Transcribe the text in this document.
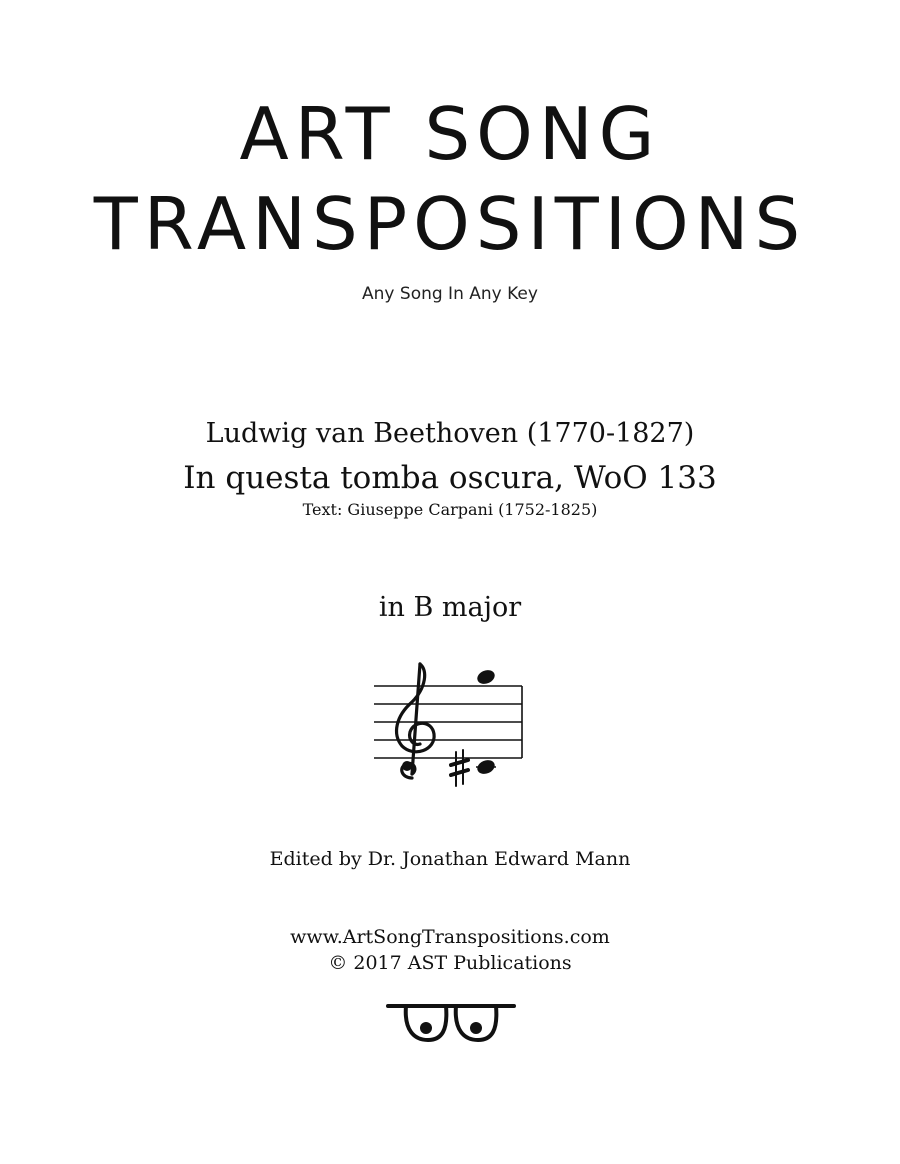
ART SONG
TRANSPOSITIONS
Any Song In Any Key
Ludwig van Beethoven (1770-1827)
In questa tomba oscura, WoO 133
Text: Giuseppe Carpani (1752-1825)
in B major
Edited by Dr. Jonathan Edward Mann
www.ArtSongTranspositions.com
© 2017 AST Publications
